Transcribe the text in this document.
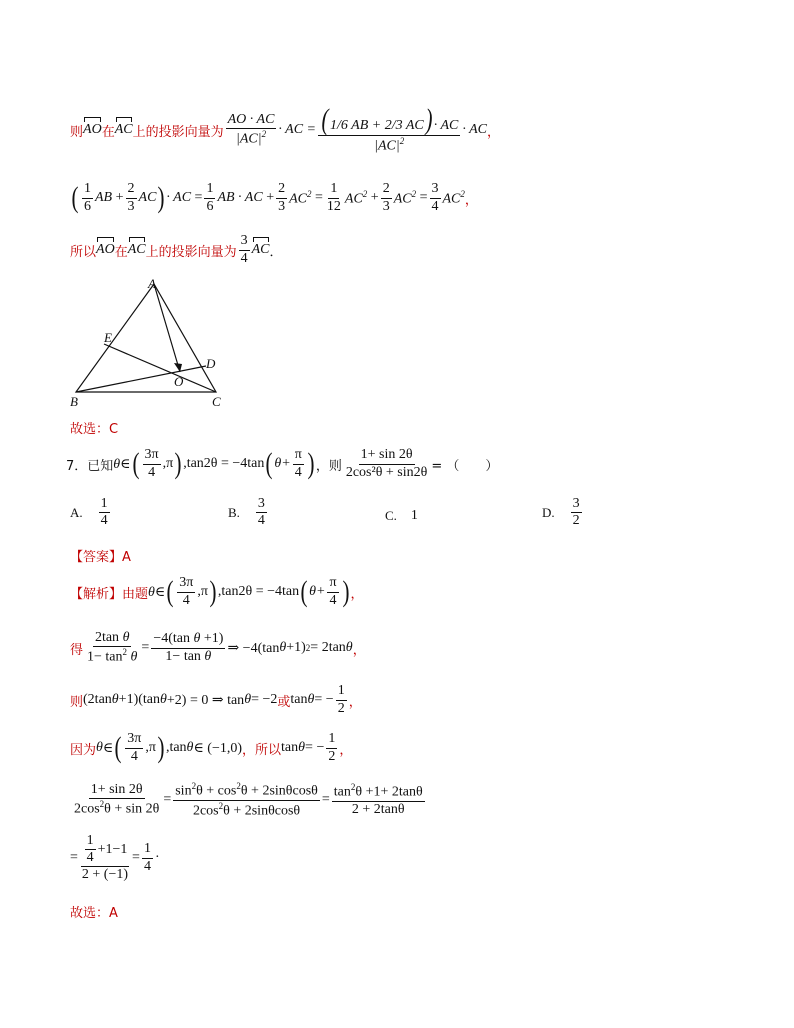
则 AO 在 AC 上的投影向量为 $\frac{AO \cdot AC}{|AC|^2}$ · AC = $\frac{( 1/6 AB + 2/3 AC) \cdot AC}{|AC|^2}$ · AC ，
( $\frac{1}{6}$ AB + $\frac{2}{3}$ AC ) · AC = $\frac{1}{6}$ AB · AC + $\frac{2}{3} AC^2 = \frac{1}{12} AC^2 + \frac{2}{3} AC^2 = \frac{3}{4} AC^2$ ，
所以 AO 在 AC 上的投影向量为 $\frac{3}{4}$ AC ．
A
E
D
O
B	C
故选：C
7．已知 θ∈ ( $\frac{3\pi}{4} ,\pi$ ) ,tan2θ = −4tan ( $\theta+ \frac{\pi}{4}$ ) ，则 $\frac{1+ \sin 2\theta}{\text{2cos²θ + sin2θ}}$ = （　　）
A. $\frac{1}{4}$	B. $\frac{3}{4}$	C. 1	D. $\frac{3}{2}$
【答案】A
【解析】由题 θ∈ ( $\frac{3\pi}{4} ,\pi$ ) ,tan2θ = −4tan ( $\theta+ \frac{\pi}{4}$ ) ，
得 $\frac{\text{2tan θ}}{1- \tan^2 \theta} = \frac{\text{−4(tan θ +1)}}{\text{1− tan θ}}$ ⇒ −4(tan θ +1) 2 = 2tan θ ，
则 (2tan θ +1)(tan θ +2) = 0 ⇒ tan θ = −2 或 tan θ = − $\frac{1}{2}$ ，
因为 θ ∈ ( $\frac{3\pi}{4} ,\pi$ ) ,tan θ ∈ (−1,0) ，所以 tan θ = − $\frac{1}{2}$ ，
$\frac{1+ \sin 2\theta}{2\cos^2\theta + \sin 2\theta} = \frac{\sin^2\theta + \cos^2\theta + 2\sin\theta\cos\theta}{2\cos^2\theta + 2\sin\theta\cos\theta} = \frac{\tan^2\theta +1+ 2\tan\theta}{2 + 2\tan\theta}$
= $\frac{\frac{1}{4} +1-1}{2 + (-1)} = \frac{1}{4}$ ·
故选：A
